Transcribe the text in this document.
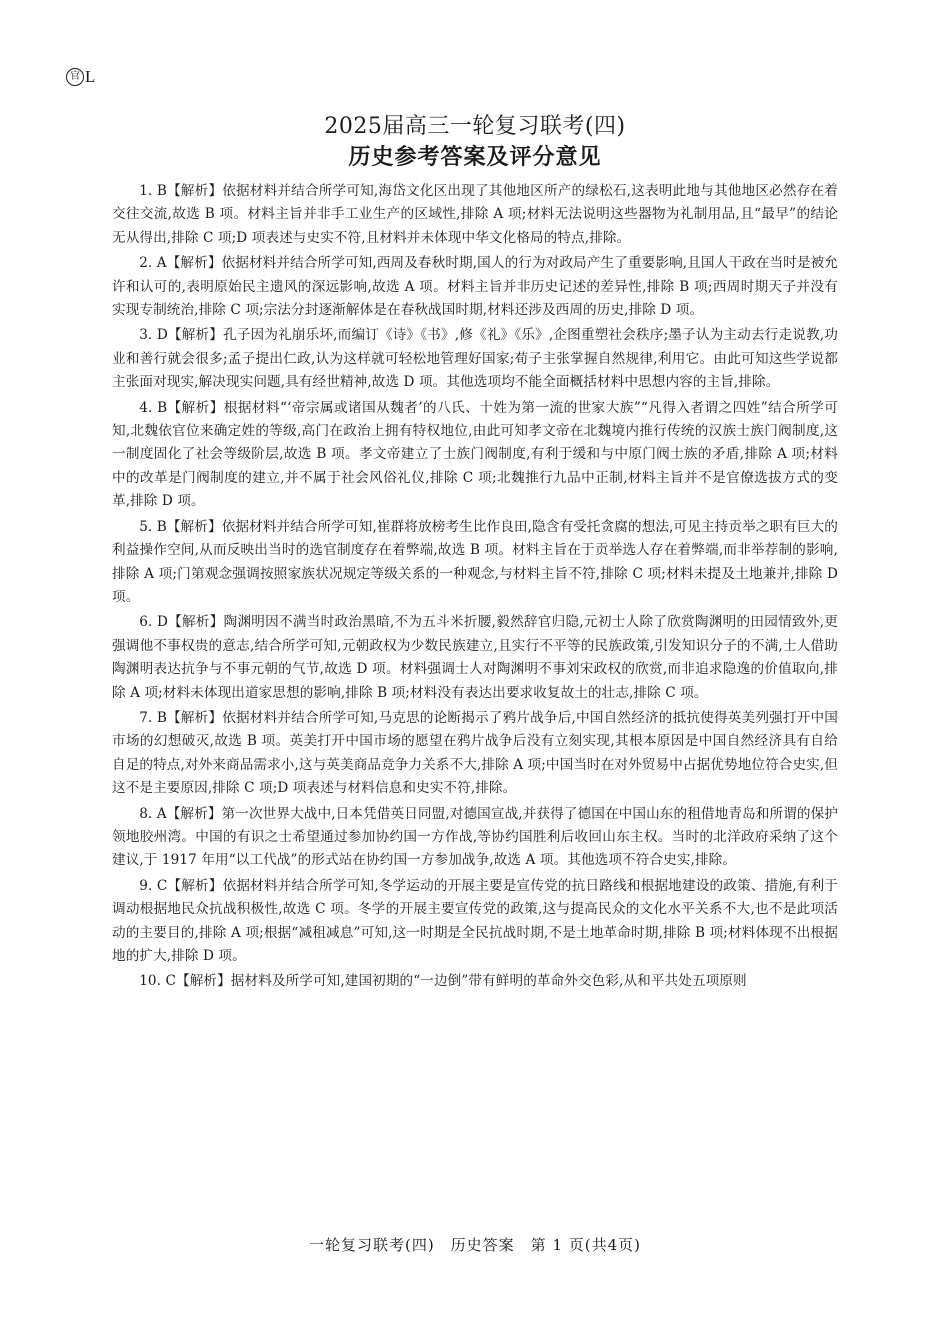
官 L
2025届高三一轮复习联考(四)
历史参考答案及评分意见

1. B【解析】依据材料并结合所学可知,海岱文化区出现了其他地区所产的绿松石,这表明此地与其他地区必然存在着交往交流,故选 B 项。材料主旨并非手工业生产的区域性,排除 A 项;材料无法说明这些器物为礼制用品,且“最早”的结论无从得出,排除 C 项;D 项表述与史实不符,且材料并未体现中华文化格局的特点,排除。

2. A【解析】依据材料并结合所学可知,西周及春秋时期,国人的行为对政局产生了重要影响,且国人干政在当时是被允许和认可的,表明原始民主遗风的深远影响,故选 A 项。材料主旨并非历史记述的差异性,排除 B 项;西周时期天子并没有实现专制统治,排除 C 项;宗法分封逐渐解体是在春秋战国时期,材料还涉及西周的历史,排除 D 项。

3. D【解析】孔子因为礼崩乐坏,而编订《诗》《书》,修《礼》《乐》,企图重塑社会秩序;墨子认为主动去行走说教,功业和善行就会很多;孟子提出仁政,认为这样就可轻松地管理好国家;荀子主张掌握自然规律,利用它。由此可知这些学说都主张面对现实,解决现实问题,具有经世精神,故选 D 项。其他选项均不能全面概括材料中思想内容的主旨,排除。

4. B【解析】根据材料“‘帝宗属或诸国从魏者’的八氏、十姓为第一流的世家大族”“凡得入者谓之四姓”结合所学可知,北魏依官位来确定姓的等级,高门在政治上拥有特权地位,由此可知孝文帝在北魏境内推行传统的汉族士族门阀制度,这一制度固化了社会等级阶层,故选 B 项。孝文帝建立了士族门阀制度,有利于缓和与中原门阀士族的矛盾,排除 A 项;材料中的改革是门阀制度的建立,并不属于社会风俗礼仪,排除 C 项;北魏推行九品中正制,材料主旨并不是官僚选拔方式的变革,排除 D 项。

5. B【解析】依据材料并结合所学可知,崔群将放榜考生比作良田,隐含有受托贪腐的想法,可见主持贡举之职有巨大的利益操作空间,从而反映出当时的选官制度存在着弊端,故选 B 项。材料主旨在于贡举选人存在着弊端,而非举荐制的影响,排除 A 项;门第观念强调按照家族状况规定等级关系的一种观念,与材料主旨不符,排除 C 项;材料未提及土地兼并,排除 D 项。

6. D【解析】陶渊明因不满当时政治黑暗,不为五斗米折腰,毅然辞官归隐,元初士人除了欣赏陶渊明的田园情致外,更强调他不事权贵的意志,结合所学可知,元朝政权为少数民族建立,且实行不平等的民族政策,引发知识分子的不满,士人借助陶渊明表达抗争与不事元朝的气节,故选 D 项。材料强调士人对陶渊明不事刘宋政权的欣赏,而非追求隐逸的价值取向,排除 A 项;材料未体现出道家思想的影响,排除 B 项;材料没有表达出要求收复故土的壮志,排除 C 项。

7. B【解析】依据材料并结合所学可知,马克思的论断揭示了鸦片战争后,中国自然经济的抵抗使得英美列强打开中国市场的幻想破灭,故选 B 项。英美打开中国市场的愿望在鸦片战争后没有立刻实现,其根本原因是中国自然经济具有自给自足的特点,对外来商品需求小,这与英美商品竞争力关系不大,排除 A 项;中国当时在对外贸易中占据优势地位符合史实,但这不是主要原因,排除 C 项;D 项表述与材料信息和史实不符,排除。

8. A【解析】第一次世界大战中,日本凭借英日同盟,对德国宣战,并获得了德国在中国山东的租借地青岛和所谓的保护领地胶州湾。中国的有识之士希望通过参加协约国一方作战,等协约国胜利后收回山东主权。当时的北洋政府采纳了这个建议,于 1917 年用“以工代战”的形式站在协约国一方参加战争,故选 A 项。其他选项不符合史实,排除。

9. C【解析】依据材料并结合所学可知,冬学运动的开展主要是宣传党的抗日路线和根据地建设的政策、措施,有利于调动根据地民众抗战积极性,故选 C 项。冬学的开展主要宣传党的政策,这与提高民众的文化水平关系不大,也不是此项活动的主要目的,排除 A 项;根据“减租减息”可知,这一时期是全民抗战时期,不是土地革命时期,排除 B 项;材料体现不出根据地的扩大,排除 D 项。

10. C【解析】据材料及所学可知,建国初期的“一边倒”带有鲜明的革命外交色彩,从和平共处五项原则

一轮复习联考(四)　历史答案　第 1 页(共4页)
